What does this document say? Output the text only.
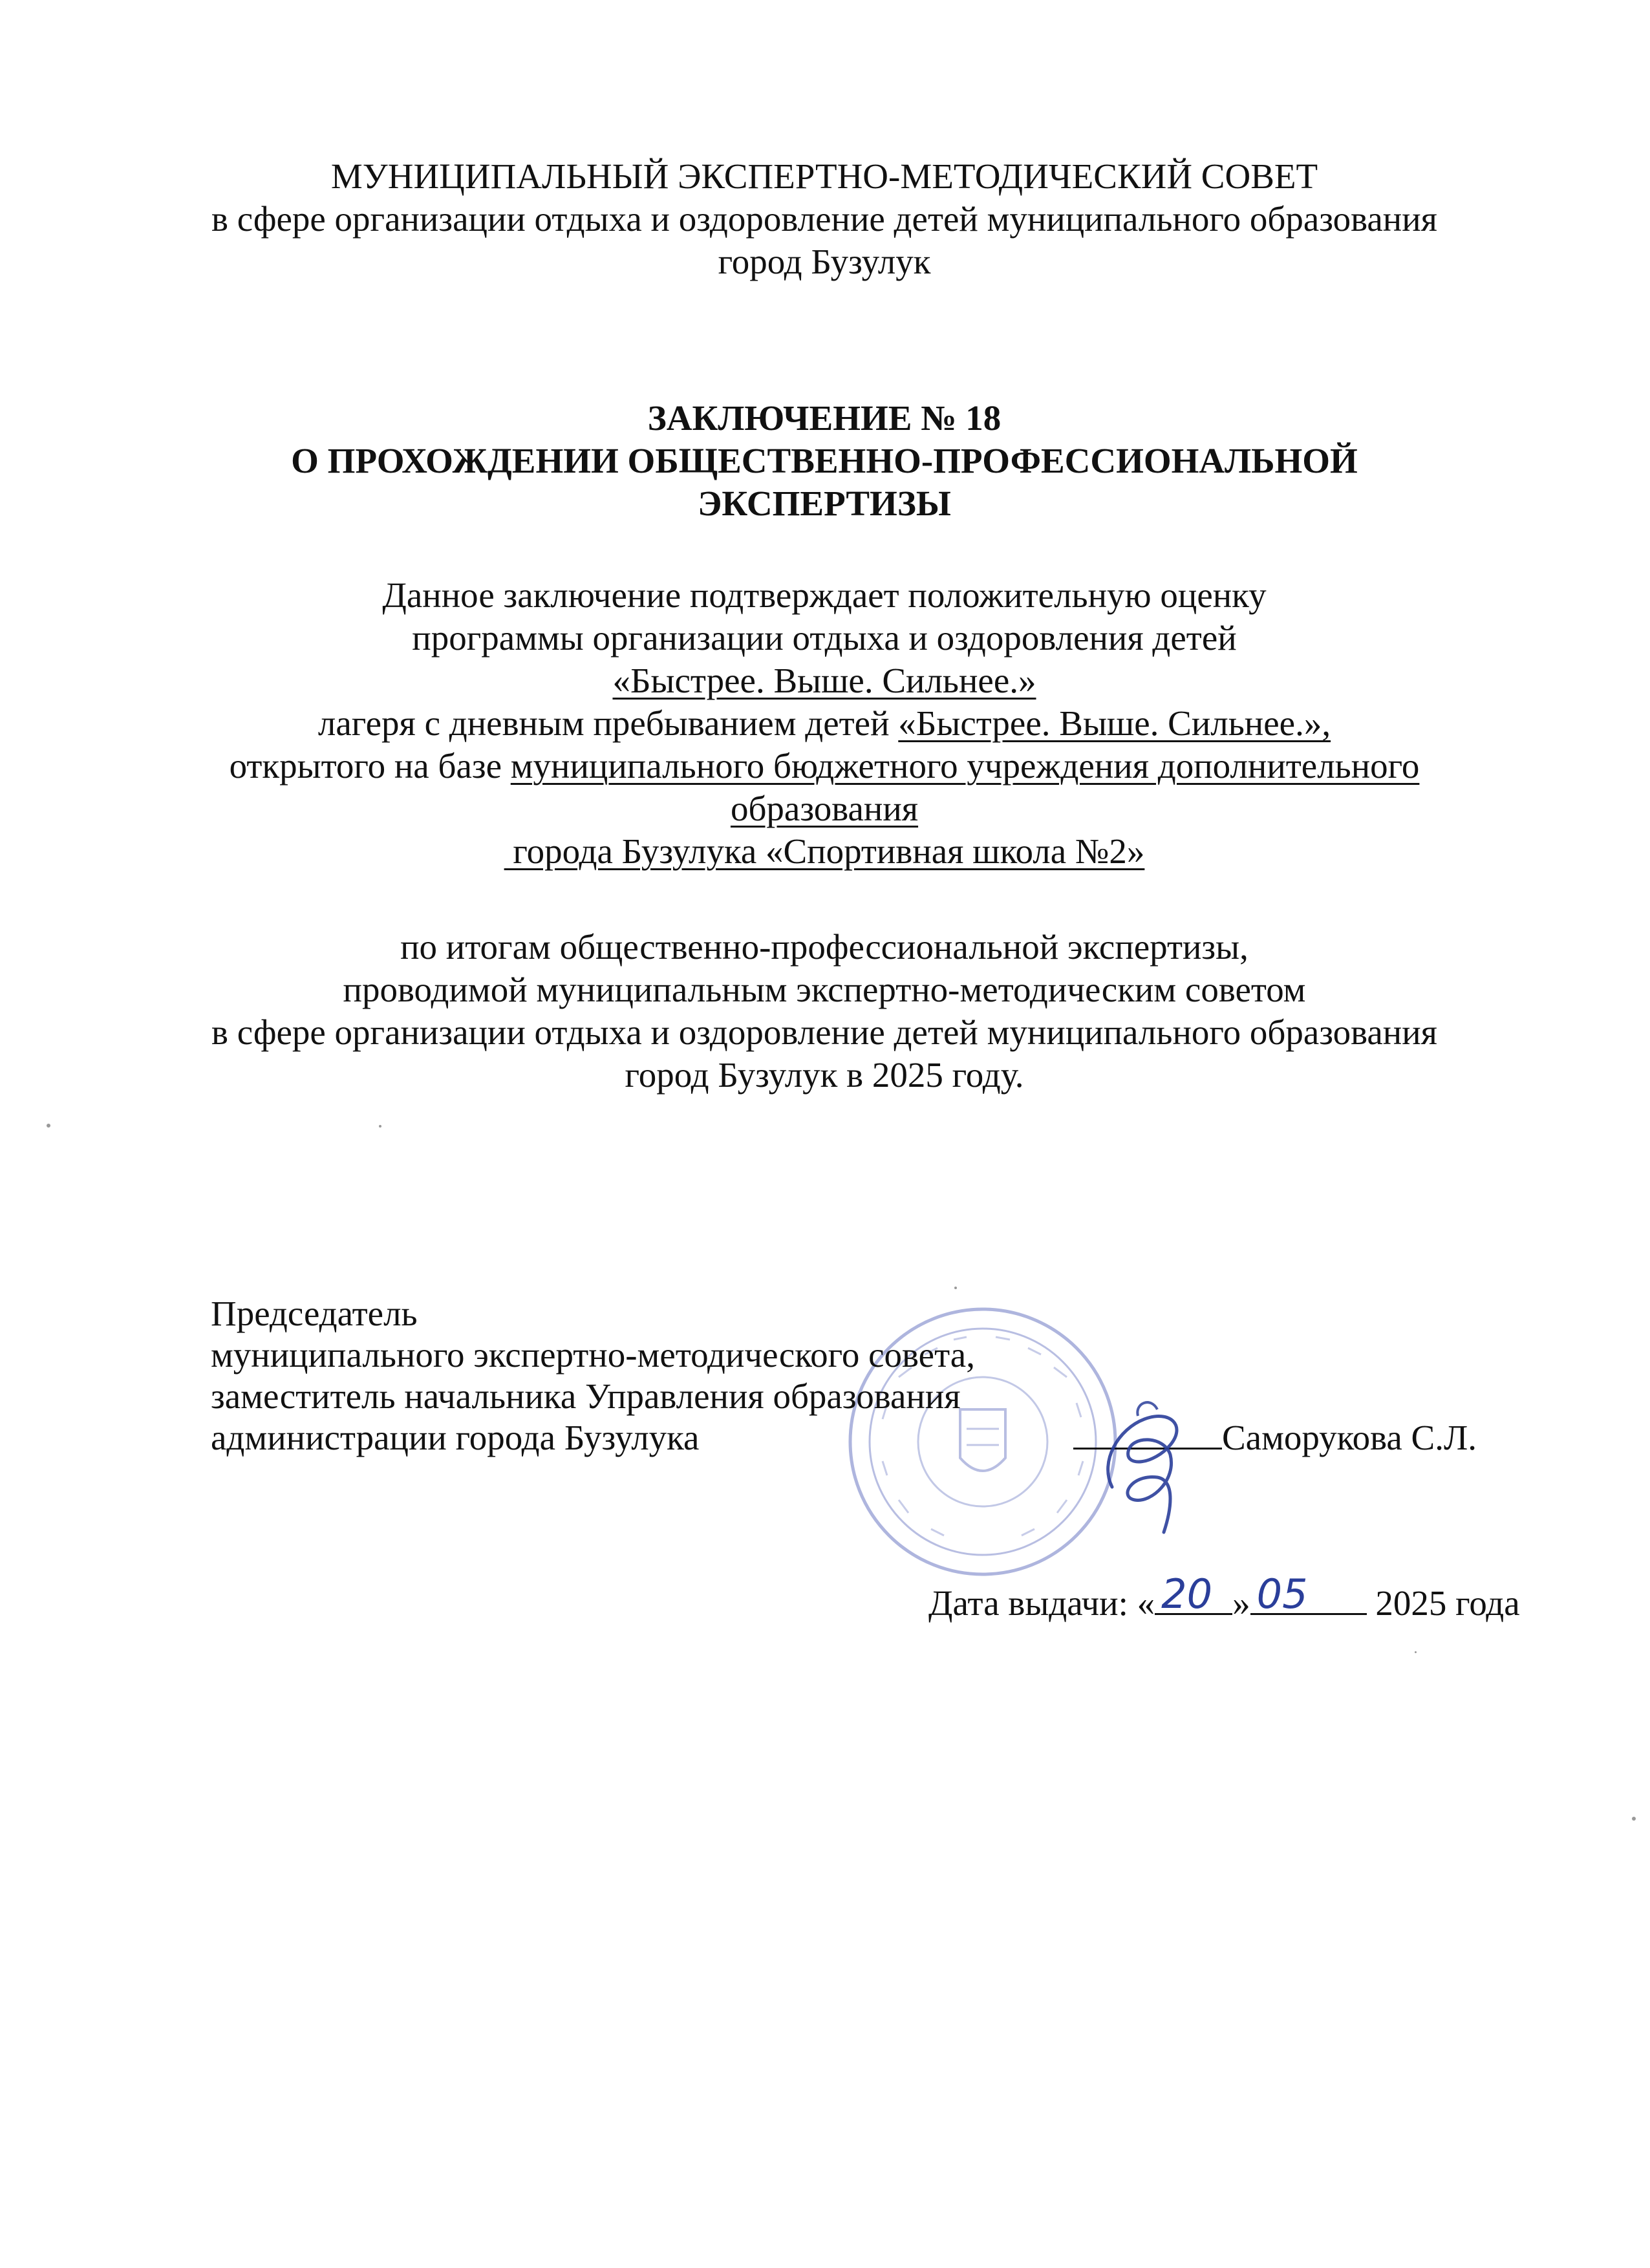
МУНИЦИПАЛЬНЫЙ ЭКСПЕРТНО-МЕТОДИЧЕСКИЙ СОВЕТ
в сфере организации отдыха и оздоровление детей муниципального образования
город Бузулук
ЗАКЛЮЧЕНИЕ № 18
О ПРОХОЖДЕНИИ ОБЩЕСТВЕННО-ПРОФЕССИОНАЛЬНОЙ
ЭКСПЕРТИЗЫ
Данное заключение подтверждает положительную оценку
программы организации отдыха и оздоровления детей
«Быстрее. Выше. Сильнее.»
лагеря с дневным пребыванием детей «Быстрее. Выше. Сильнее.»,
открытого на базе муниципального бюджетного учреждения дополнительного
образования
города Бузулука «Спортивная школа №2»
по итогам общественно-профессиональной экспертизы,
проводимой муниципальным экспертно-методическим советом
в сфере организации отдыха и оздоровление детей муниципального образования
город Бузулук в 2025 году.
Председатель
муниципального экспертно-методического совета,
заместитель начальника Управления образования
администрации города Бузулука	Саморукова С.Л.
Дата выдачи: « 20 » 05 2025 года
